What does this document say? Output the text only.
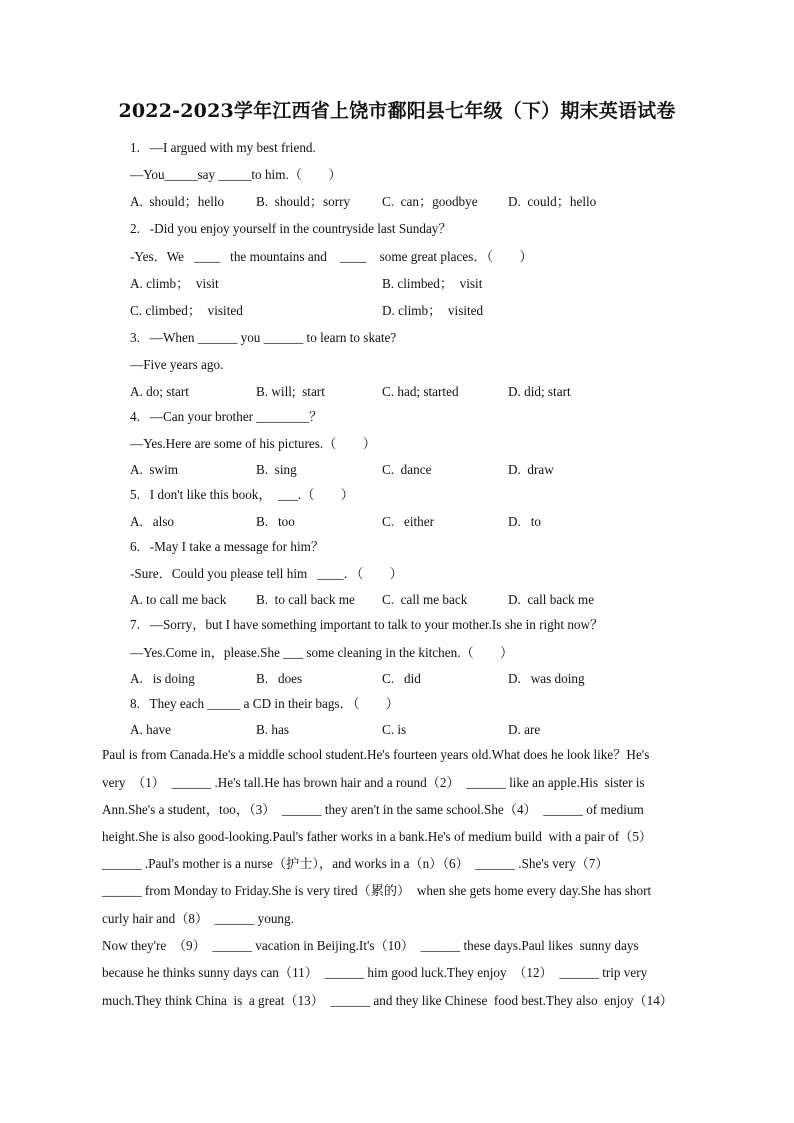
2022-2023学年江西省上饶市鄱阳县七年级（下）期末英语试卷
1.   —I argued with my best friend.
—You_____say _____to him.（        ）
A.  should；hello B.  should；sorry C.  can；goodbye D.  could；hello
2.   -Did you enjoy yourself in the countryside last Sunday？
-Yes．We   ____   the mountains and    ____    some great places．（        ）
A. climb；  visit	B. climbed；  visit
C. climbed；  visited	D. climb；  visited
3.   —When ______ you ______ to learn to skate?
—Five years ago.
A. do; start	B. will;  start	C. had; started	D. did; start
4.   —Can your brother ________？
—Yes.Here are some of his pictures.（        ）
A.  swim	B.  sing	C.  dance	D.  draw
5.   I don't like this book，  ___.（        ）
A.   also	B.   too	C.   either	D.   to
6.   -May I take a message for him？
-Sure．Could you please tell him   ____．（        ）
A. to call me back B.  to call back me C.  call me back	D.  call back me
7.   —Sorry，but I have something important to talk to your mother.Is she in right now？
—Yes.Come in，please.She ___ some cleaning in the kitchen.（        ）
A.   is doing	B.   does	C.   did	D.   was doing
8.   They each _____ a CD in their bags．（        ）
A. have	B. has	C. is	D. are
Paul is from Canada.He's a middle school student.He's fourteen years old.What does he look like？He's
very  （1）  ______ .He's tall.He has brown hair and a round（2）  ______ like an apple.His  sister is
Ann.She's a student，too，（3）  ______ they aren't in the same school.She（4）  ______ of medium
height.She is also good-looking.Paul's father works in a bank.He's of medium build  with a pair of（5）
______ .Paul's mother is a nurse（护士），and works in a（n）（6）  ______ .She's very（7）
______ from Monday to Friday.She is very tired（累的）  when she gets home every day.She has short
curly hair and（8）  ______ young.
Now they're  （9）  ______ vacation in Beijing.It's（10）  ______ these days.Paul likes  sunny days
because he thinks sunny days can（11）  ______ him good luck.They enjoy  （12）  ______ trip very
much.They think China  is  a great（13）  ______ and they like Chinese  food best.They also  enjoy（14）
